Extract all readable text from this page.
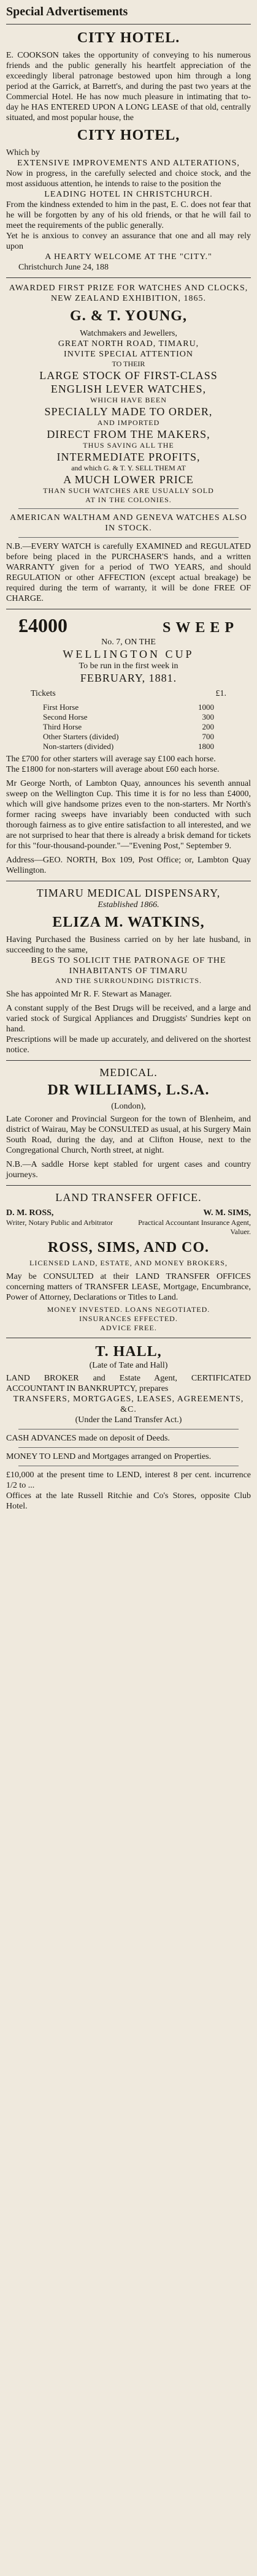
Special Advertisements
CITY HOTEL.
E. COOKSON takes the opportunity of conveying to his numerous friends and the public generally his heartfelt appreciation of the exceedingly liberal patronage bestowed upon him through a long period at the Garrick, at Barrett's, and during the past two years at the Commercial Hotel. He has now much pleasure in intimating that to-day he HAS ENTERED UPON A LONG LEASE of that old, centrally situated, and most popular house, the
CITY HOTEL,
Which by
EXTENSIVE IMPROVEMENTS AND ALTERATIONS,
Now in progress, in the carefully selected and choice stock, and the most assiduous attention, he intends to raise to the position the
LEADING HOTEL IN CHRISTCHURCH.
From the kindness extended to him in the past, E. C. does not fear that he will be forgotten by any of his old friends, or that he will fail to meet the requirements of the public generally.
Yet he is anxious to convey an assurance that one and all may rely upon
A HEARTY WELCOME AT THE "CITY."
Christchurch June 24, 188
AWARDED FIRST PRIZE FOR WATCHES AND CLOCKS, NEW ZEALAND EXHIBITION, 1865.
G. & T. YOUNG,
Watchmakers and Jewellers,
GREAT NORTH ROAD, TIMARU,
INVITE SPECIAL ATTENTION
TO THEIR
LARGE STOCK OF FIRST-CLASS
ENGLISH LEVER WATCHES,
WHICH HAVE BEEN
SPECIALLY MADE TO ORDER,
AND IMPORTED
DIRECT FROM THE MAKERS,
THUS SAVING ALL THE
INTERMEDIATE PROFITS,
and which G. & T. Y. SELL THEM AT
A MUCH LOWER PRICE
THAN SUCH WATCHES ARE USUALLY SOLD
AT IN THE COLONIES.
AMERICAN WALTHAM AND GENEVA WATCHES ALSO IN STOCK.
N.B.—EVERY WATCH is carefully EXAMINED and REGULATED before being placed in the PURCHASER'S hands, and a written WARRANTY given for a period of TWO YEARS, and should REGULATION or other AFFECTION (except actual breakage) be required during the term of warranty, it will be done FREE OF CHARGE.
£4000	SWEEP
No. 7, ON THE
WELLINGTON CUP
To be run in the first week in
FEBRUARY, 1881.
Tickets	£1.
First Horse	1000
Second Horse	300
Third Horse	200
Other Starters (divided)	700
Non-starters (divided)	1800
The £700 for other starters will average say £100 each horse.
The £1800 for non-starters will average about £60 each horse.
Mr George North, of Lambton Quay, announces his seventh annual sweep on the Wellington Cup. This time it is for no less than £4000, which will give handsome prizes even to the non-starters. Mr North's former racing sweeps have invariably been conducted with such thorough fairness as to give entire satisfaction to all interested, and we are not surprised to hear that there is already a brisk demand for tickets for this "four-thousand-pounder."—"Evening Post," September 9.
Address—GEO. NORTH, Box 109, Post Office; or, Lambton Quay Wellington.
TIMARU MEDICAL DISPENSARY,
Established 1866.
ELIZA M. WATKINS,
Having Purchased the Business carried on by her late husband, in succeeding to the same,
BEGS TO SOLICIT THE PATRONAGE OF THE
INHABITANTS OF TIMARU
AND THE SURROUNDING DISTRICTS.
She has appointed Mr R. F. Stewart as Manager.
A constant supply of the Best Drugs will be received, and a large and varied stock of Surgical Appliances and Druggists' Sundries kept on hand.
Prescriptions will be made up accurately, and delivered on the shortest notice.
MEDICAL.
DR WILLIAMS, L.S.A.
(London),
Late Coroner and Provincial Surgeon for the town of Blenheim, and district of Wairau, May be CONSULTED as usual, at his Surgery Main South Road, during the day, and at Clifton House, next to the Congregational Church, North street, at night.
N.B.—A saddle Horse kept stabled for urgent cases and country journeys.
LAND TRANSFER OFFICE.
D. M. ROSS,
Writer, Notary Public and Arbitrator
W. M. SIMS,
Practical Accountant Insurance Agent, Valuer.
ROSS, SIMS, AND CO.
LICENSED LAND, ESTATE, AND MONEY BROKERS,
May be CONSULTED at their LAND TRANSFER OFFICES concerning matters of TRANSFER LEASE, Mortgage, Encumbrance, Power of Attorney, Declarations or Titles to Land.
MONEY INVESTED. LOANS NEGOTIATED.
INSURANCES EFFECTED.
ADVICE FREE.
T. HALL,
(Late of Tate and Hall)
LAND BROKER and Estate Agent, CERTIFICATED ACCOUNTANT IN BANKRUPTCY, prepares
TRANSFERS, MORTGAGES, LEASES, AGREEMENTS, &C.
(Under the Land Transfer Act.)
CASH ADVANCES made on deposit of Deeds.
MONEY TO LEND and Mortgages arranged on Properties.
£10,000 at the present time to LEND, interest 8 per cent. incurrence 1/2 to ...
Offices at the late Russell Ritchie and Co's Stores, opposite Club Hotel.
